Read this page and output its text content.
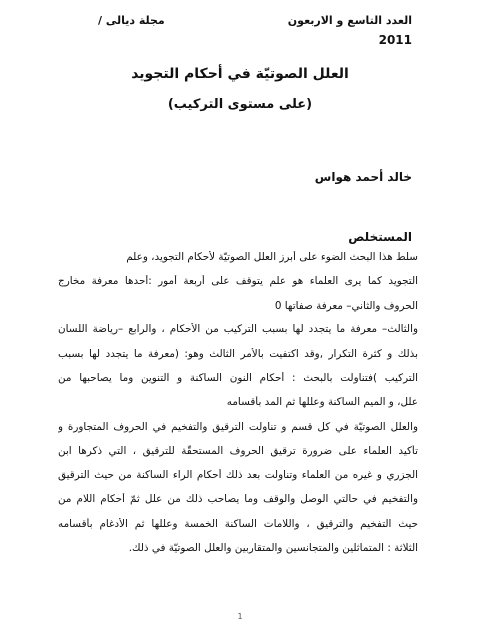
العدد التاسع و الاربعون
2011
مجلة ديالى /
العلل الصوتيّة في أحكام التجويد
(على مستوى التركيب)
خالد أحمد هواس
المستخلص
سلط هذا البحث الضوء على أبرز العلل الصوتيّة لأحكام التجويد، وعلم
التجويد كما يرى العلماء هو علم يتوقف على أربعة أمور :أحدها معرفة مخارج
الحروف والثاني– معرفة صفاتها 0
والثالث– معرفة ما يتجدد لها بسبب التركيب من الأحكام ، والرابع –رياضة اللسان
بذلك و كثرة التكرار ,وقد اكتفيت بالأمر الثالث وهو: (معرفة ما يتجدد لها بسبب
التركيب )فتناولت بالبحث : أحكام النون الساكنة و التنوين وما يصاحبها من
علل، و الميم الساكنة وعللها ثم المد بأقسامه
والعلل الصوتيّة في كل قسم و تناولت الترقيق والتفخيم في الحروف المتجاورة و
تأكيد العلماء على ضرورة ترقيق الحروف المستحقّة للترقيق ، التي ذكرها ابن
الجزري و غيره من العلماء وتناولت بعد ذلك أحكام الراء الساكنة من حيث الترقيق
والتفخيم في حالتي الوصل والوقف وما يصاحب ذلك من علل ثمّ أحكام اللام من
حيث التفخيم والترقيق ، واللامات الساكنة الخمسة وعللها ثم الأدغام بأقسامه
الثلاثة : المتماثلين والمتجانسين والمتقاربين والعلل الصوتيّة في ذلك.
1
